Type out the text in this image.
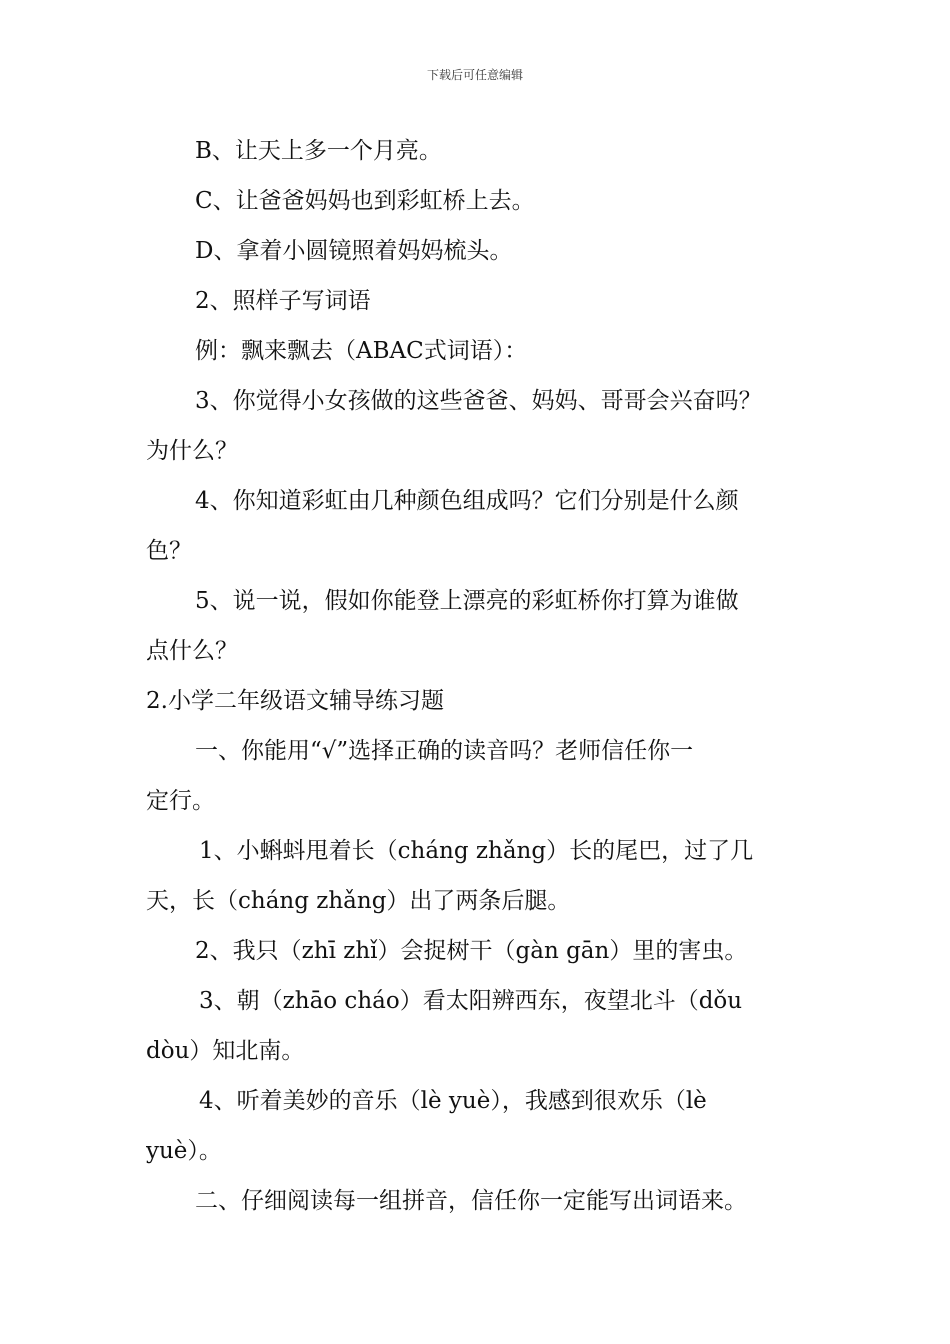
下载后可任意编辑
B、让天上多一个月亮。
C、让爸爸妈妈也到彩虹桥上去。
D、拿着小圆镜照着妈妈梳头。
2、照样子写词语
例：飘来飘去（ABAC式词语）：
3、你觉得小女孩做的这些爸爸、妈妈、哥哥会兴奋吗？
为什么？
4、你知道彩虹由几种颜色组成吗？它们分别是什么颜
色？
5、说一说，假如你能登上漂亮的彩虹桥你打算为谁做
点什么？
2.小学二年级语文辅导练习题
一、你能用“√”选择正确的读音吗？老师信任你一
定行。
1、小蝌蚪甩着长（cháng zhǎng）长的尾巴，过了几
天，长（cháng zhǎng）出了两条后腿。
2、我只（zhī zhǐ）会捉树干（gàn gān）里的害虫。
3、朝（zhāo cháo）看太阳辨西东，夜望北斗（dǒu
dòu）知北南。
4、听着美妙的音乐（lè yuè），我感到很欢乐（lè
yuè）。
二、仔细阅读每一组拼音，信任你一定能写出词语来。
